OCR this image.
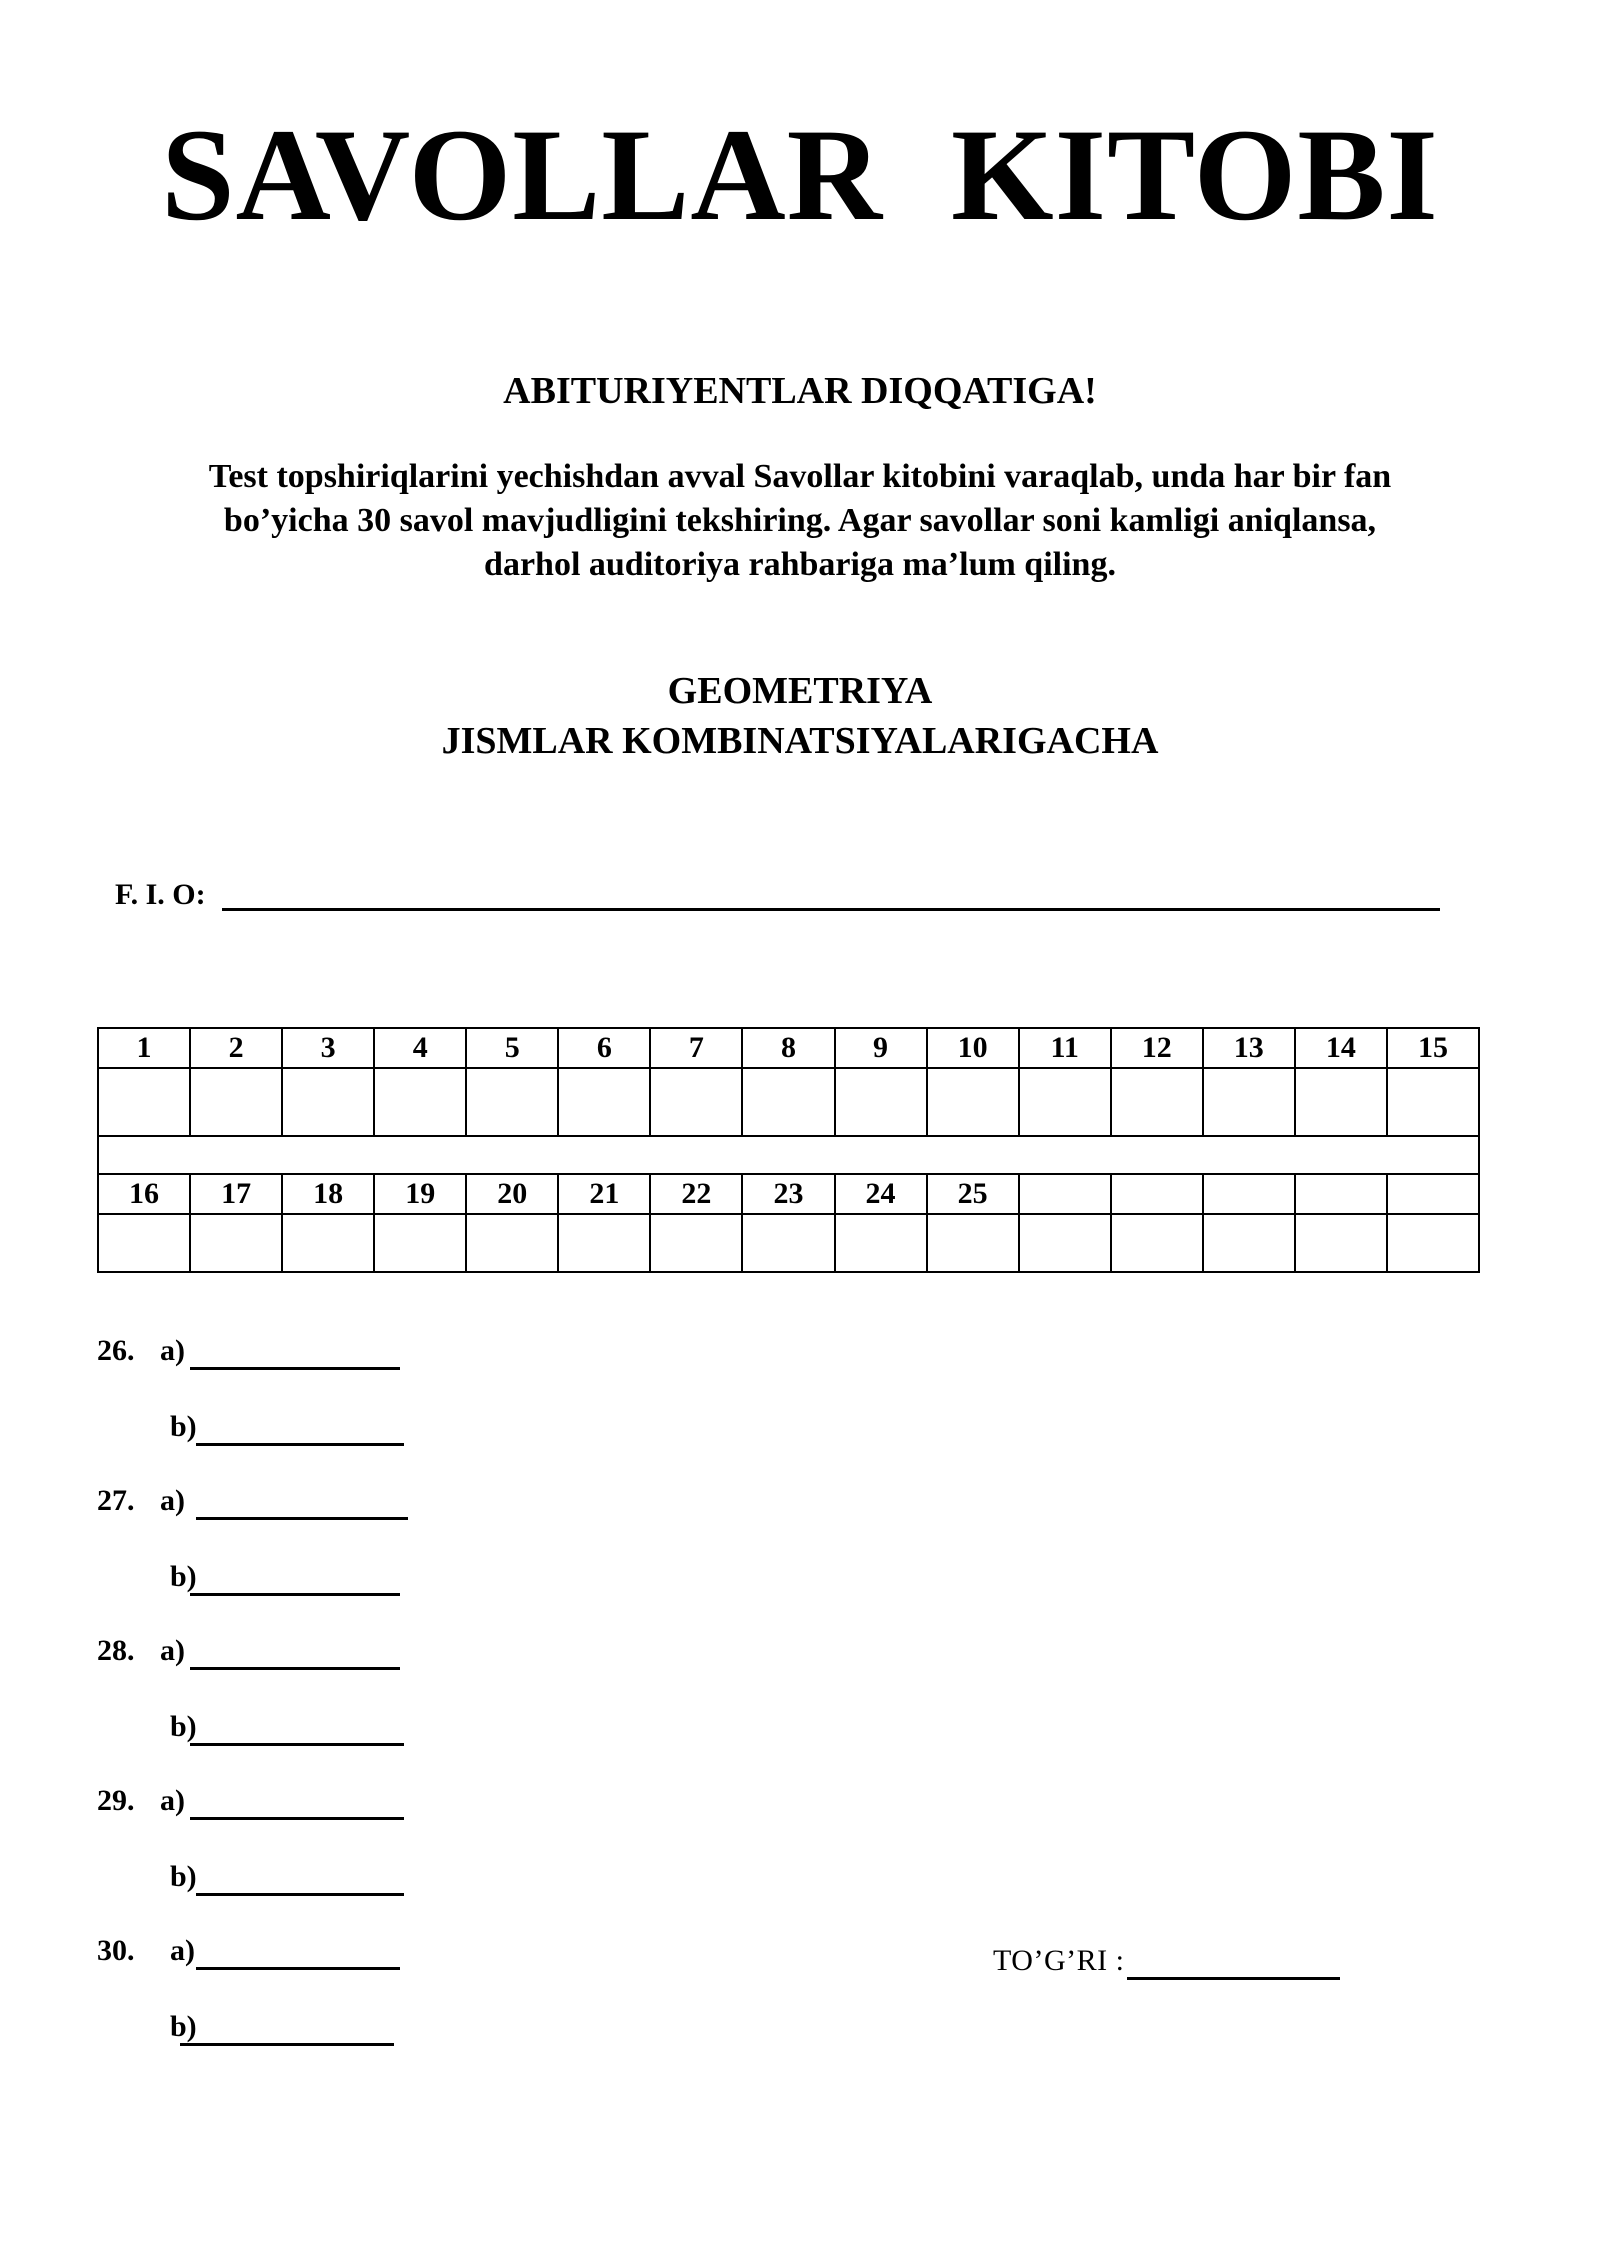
SAVOLLAR  KITOBI
ABITURIYENTLAR DIQQATIGA!
Test topshiriqlarini yechishdan avval Savollar kitobini varaqlab, unda har bir fan
bo’yicha 30 savol mavjudligini tekshiring. Agar savollar soni kamligi aniqlansa,
darhol auditoriya rahbariga ma’lum qiling.
GEOMETRIYA
JISMLAR KOMBINATSIYALARIGACHA
F. I. O:
1	2	3	4	5	6	7	8	9	10	11	12	13	14	15

16	17	18	19	20	21	22	23	24	25					

26. a)
b)
27. a)
b)
28. a)
b)
29. a)
b)
30. a)
b)
TO’G’RI :
